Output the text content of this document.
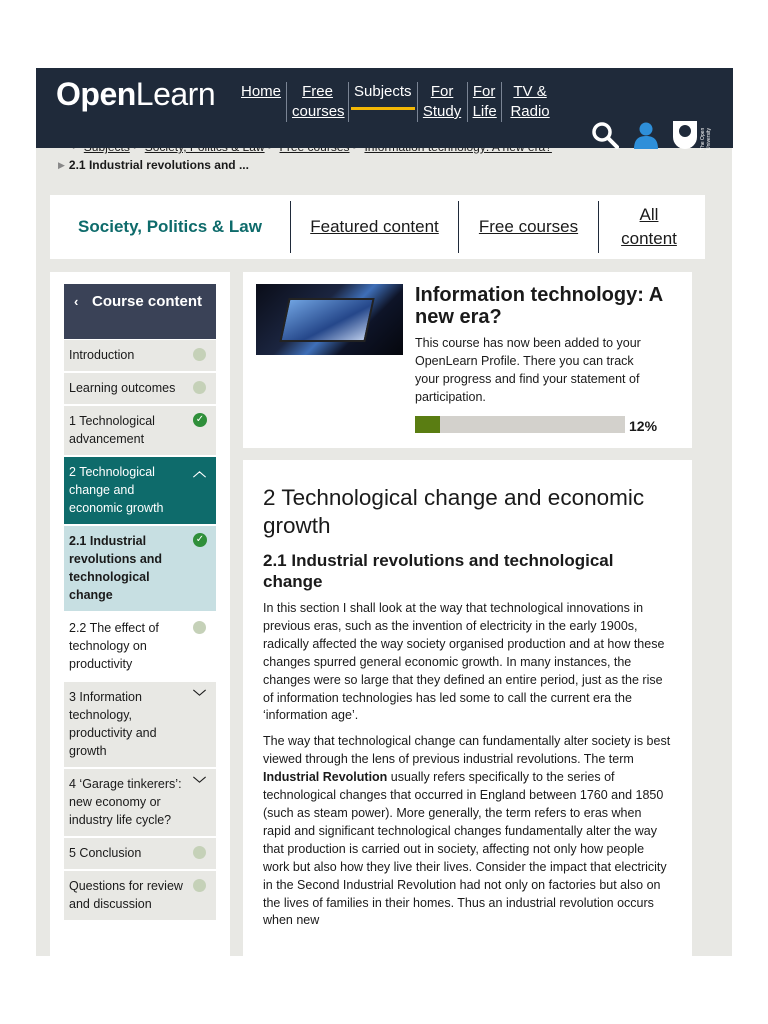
OpenLearn Home	Free courses
Subjects	For Study
For Life
TV & Radio
The Open University
▶ 2.1 Industrial revolutions and ...
Society, Politics & Law	Featured content	Free courses
All content
‹ Course content
Introduction
Learning outcomes
1 Technological advancement
✓
2 Technological change and economic growth
︿
2.1 Industrial revolutions and technological change
✓
2.2 The effect of technology on productivity
3 Information technology, productivity and growth
﹀
4 ‘Garage tinkerers’: new economy or industry life cycle?
﹀
5 Conclusion
Questions for review and discussion
Information technology: A new era?
This course has now been added to your OpenLearn Profile. There you can track your progress and find your statement of participation.
12%
2 Technological change and economic growth
2.1 Industrial revolutions and technological change

In this section I shall look at the way that technological innovations in previous eras, such as the invention of electricity in the early 1900s, radically affected the way society organised production and at how these changes spurred general economic growth. In many instances, the changes were so large that they defined an entire period, just as the rise of information technologies has led some to call the current era the ‘information age’.

The way that technological change can fundamentally alter society is best viewed through the lens of previous industrial revolutions. The term Industrial Revolution usually refers specifically to the series of technological changes that occurred in England between 1760 and 1850 (such as steam power). More generally, the term refers to eras when rapid and significant technological changes fundamentally alter the way that production is carried out in society, affecting not only how people work but also how they live their lives. Consider the impact that electricity in the Second Industrial Revolution had not only on factories but also on the lives of families in their homes. Thus an industrial revolution occurs when new
